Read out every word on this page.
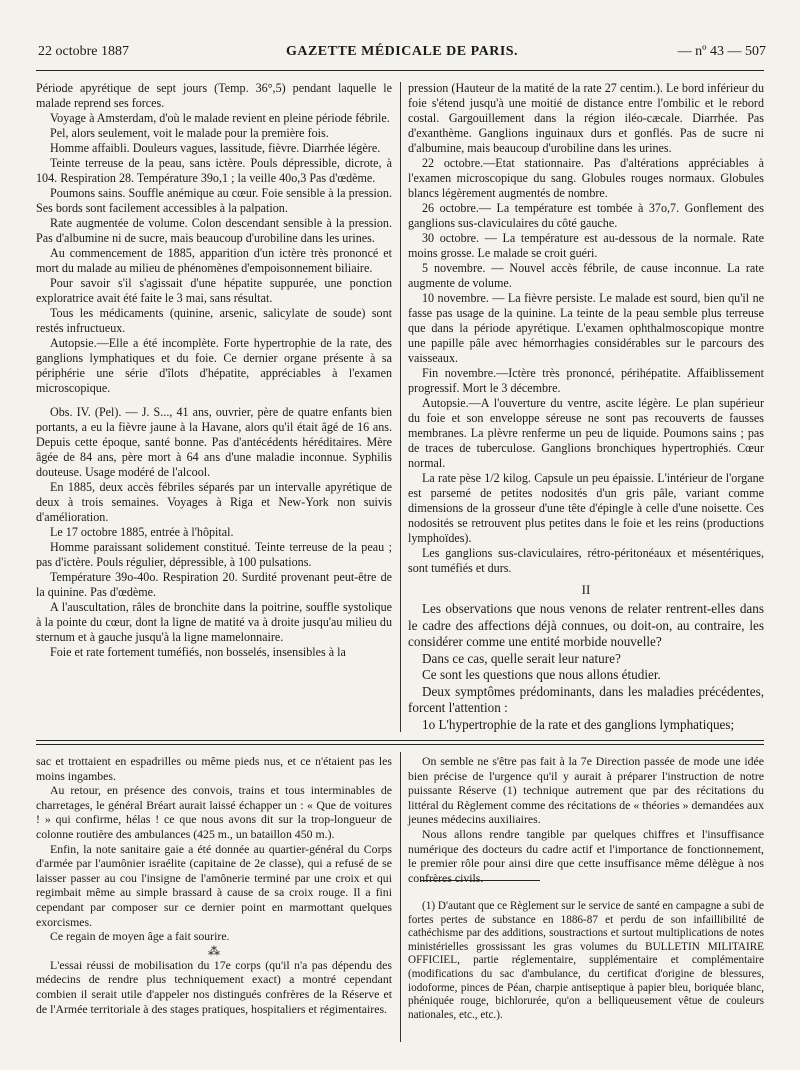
22 octobre 1887	GAZETTE MÉDICALE DE PARIS.	— nº 43 — 507

Période apyrétique de sept jours (Temp. 36°,5) pendant laquelle le malade reprend ses forces.

Voyage à Amsterdam, d'où le malade revient en pleine période fébrile.

Pel, alors seulement, voit le malade pour la première fois.

Homme affaibli. Douleurs vagues, lassitude, fièvre. Diarrhée légère.

Teinte terreuse de la peau, sans ictère. Pouls dépressible, dicrote, à 104. Respiration 28. Température 39o,1 ; la veille 40o,3 Pas d'œdème.

Poumons sains. Souffle anémique au cœur. Foie sensible à la pression. Ses bords sont facilement accessibles à la palpation.

Rate augmentée de volume. Colon descendant sensible à la pression. Pas d'albumine ni de sucre, mais beaucoup d'urobiline dans les urines.

Au commencement de 1885, apparition d'un ictère très prononcé et mort du malade au milieu de phénomènes d'empoisonnement biliaire.

Pour savoir s'il s'agissait d'une hépatite suppurée, une ponction exploratrice avait été faite le 3 mai, sans résultat.

Tous les médicaments (quinine, arsenic, salicylate de soude) sont restés infructueux.

Autopsie.—Elle a été incomplète. Forte hypertrophie de la rate, des ganglions lymphatiques et du foie. Ce dernier organe présente à sa périphérie une série d'îlots d'hépatite, appréciables à l'examen microscopique.

Obs. IV. (Pel). — J. S..., 41 ans, ouvrier, père de quatre enfants bien portants, a eu la fièvre jaune à la Havane, alors qu'il était âgé de 16 ans. Depuis cette époque, santé bonne. Pas d'antécédents héréditaires. Mère âgée de 84 ans, père mort à 64 ans d'une maladie inconnue. Syphilis douteuse. Usage modéré de l'alcool.

En 1885, deux accès fébriles séparés par un intervalle apyrétique de deux à trois semaines. Voyages à Riga et New-York non suivis d'amélioration.

Le 17 octobre 1885, entrée à l'hôpital.

Homme paraissant solidement constitué. Teinte terreuse de la peau ; pas d'ictère. Pouls régulier, dépressible, à 100 pulsations.

Température 39o-40o. Respiration 20. Surdité provenant peut-être de la quinine. Pas d'œdème.

A l'auscultation, râles de bronchite dans la poitrine, souffle systolique à la pointe du cœur, dont la ligne de matité va à droite jusqu'au milieu du sternum et à gauche jusqu'à la ligne mamelonnaire.

Foie et rate fortement tuméfiés, non bosselés, insensibles à la

pression (Hauteur de la matité de la rate 27 centim.). Le bord inférieur du foie s'étend jusqu'à une moitié de distance entre l'ombilic et le rebord costal. Gargouillement dans la région iléo-cæcale. Diarrhée. Pas d'exanthème. Ganglions inguinaux durs et gonflés. Pas de sucre ni d'albumine, mais beaucoup d'urobiline dans les urines.

22 octobre.—Etat stationnaire. Pas d'altérations appréciables à l'examen microscopique du sang. Globules rouges normaux. Globules blancs légèrement augmentés de nombre.

26 octobre.— La température est tombée à 37o,7. Gonflement des ganglions sus-claviculaires du côté gauche.

30 octobre. — La température est au-dessous de la normale. Rate moins grosse. Le malade se croit guéri.

5 novembre. — Nouvel accès fébrile, de cause inconnue. La rate augmente de volume.

10 novembre. — La fièvre persiste. Le malade est sourd, bien qu'il ne fasse pas usage de la quinine. La teinte de la peau semble plus terreuse que dans la période apyrétique. L'examen ophthalmoscopique montre une papille pâle avec hémorrhagies considérables sur le parcours des vaisseaux.

Fin novembre.—Ictère très prononcé, périhépatite. Affaiblissement progressif. Mort le 3 décembre.

Autopsie.—A l'ouverture du ventre, ascite légère. Le plan supérieur du foie et son enveloppe séreuse ne sont pas recouverts de fausses membranes. La plèvre renferme un peu de liquide. Poumons sains ; pas de traces de tuberculose. Ganglions bronchiques hypertrophiés. Cœur normal.

La rate pèse 1/2 kilog. Capsule un peu épaissie. L'intérieur de l'organe est parsemé de petites nodosités d'un gris pâle, variant comme dimensions de la grosseur d'une tête d'épingle à celle d'une noisette. Ces nodosités se retrouvent plus petites dans le foie et les reins (productions lymphoïdes).

Les ganglions sus-claviculaires, rétro-péritonéaux et mésentériques, sont tuméfiés et durs.

II

Les observations que nous venons de relater rentrent-elles dans le cadre des affections déjà connues, ou doit-on, au contraire, les considérer comme une entité morbide nouvelle?

Dans ce cas, quelle serait leur nature?

Ce sont les questions que nous allons étudier.

Deux symptômes prédominants, dans les maladies précédentes, forcent l'attention :

1o L'hypertrophie de la rate et des ganglions lymphatiques;

sac et trottaient en espadrilles ou même pieds nus, et ce n'étaient pas les moins ingambes.

Au retour, en présence des convois, trains et tous interminables de charretages, le général Bréart aurait laissé échapper un : « Que de voitures ! » qui confirme, hélas ! ce que nous avons dit sur la trop-longueur de colonne routière des ambulances (425 m., un bataillon 450 m.).

Enfin, la note sanitaire gaie a été donnée au quartier-général du Corps d'armée par l'aumônier israélite (capitaine de 2e classe), qui a refusé de se laisser passer au cou l'insigne de l'amônerie terminé par une croix et qui regimbait même au simple brassard à cause de sa croix rouge. Il a fini cependant par composer sur ce dernier point en marmottant quelques exorcismes.

Ce regain de moyen âge a fait sourire.

⁂

L'essai réussi de mobilisation du 17e corps (qu'il n'a pas dépendu des médecins de rendre plus techniquement exact) a montré cependant combien il serait utile d'appeler nos distingués confrères de la Réserve et de l'Armée territoriale à des stages pratiques, hospitaliers et régimentaires.

On semble ne s'être pas fait à la 7e Direction passée de mode une idée bien précise de l'urgence qu'il y aurait à préparer l'instruction de notre puissante Réserve (1) technique autrement que par des récitations du littéral du Règlement comme des récitations de « théories » demandées aux jeunes médecins auxiliaires.

Nous allons rendre tangible par quelques chiffres et l'insuffisance numérique des docteurs du cadre actif et l'importance de fonctionnement, le premier rôle pour ainsi dire que cette insuffisance même délègue à nos confrères civils.

(1) D'autant que ce Règlement sur le service de santé en campagne a subi de fortes pertes de substance en 1886-87 et perdu de son infaillibilité de cathéchisme par des additions, soustractions et surtout multiplications de notes ministérielles grossissant les gras volumes du BULLETIN MILITAIRE OFFICIEL, partie réglementaire, supplémentaire et complémentaire (modifications du sac d'ambulance, du certificat d'origine de blessures, iodoforme, pinces de Péan, charpie antiseptique à papier bleu, boriquée blanc, phéniquée rouge, bichlorurée, qu'on a belliqueusement vêtue de couleurs nationales, etc., etc.).
